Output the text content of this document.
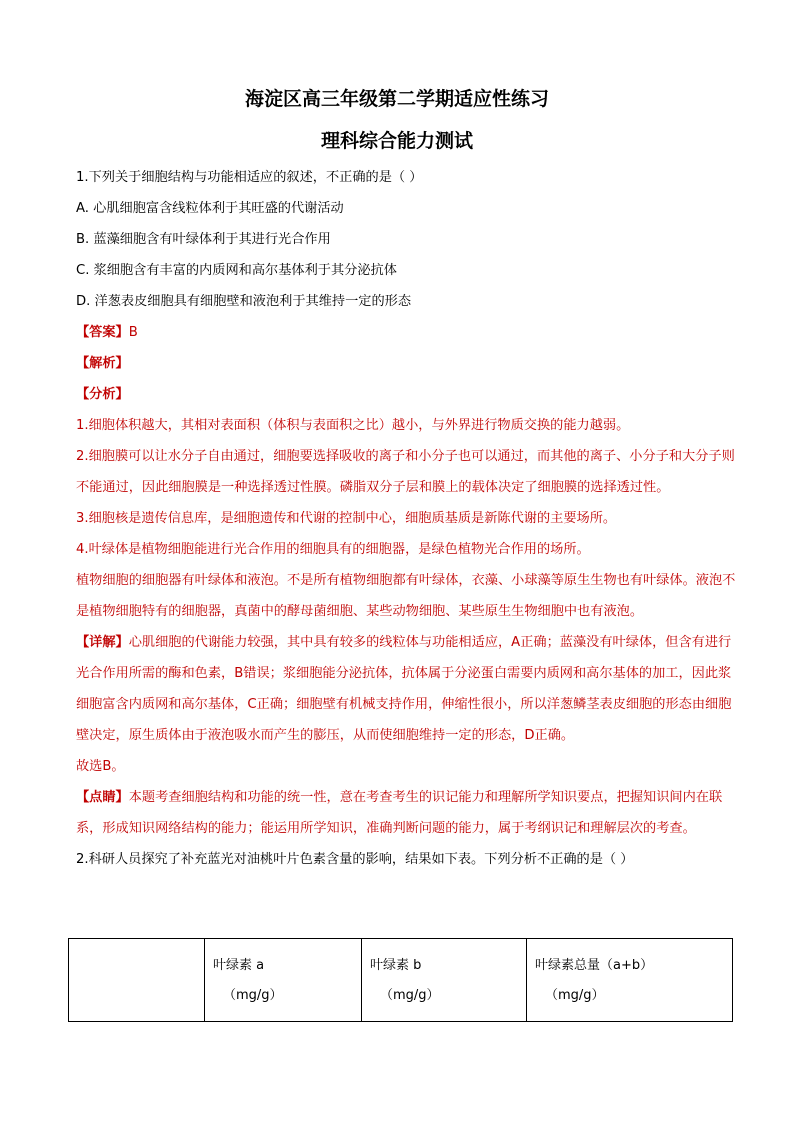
海淀区高三年级第二学期适应性练习
理科综合能力测试

1.下列关于细胞结构与功能相适应的叙述，不正确的是（ ）

A. 心肌细胞富含线粒体利于其旺盛的代谢活动

B. 蓝藻细胞含有叶绿体利于其进行光合作用

C. 浆细胞含有丰富的内质网和高尔基体利于其分泌抗体

D. 洋葱表皮细胞具有细胞壁和液泡利于其维持一定的形态

【答案】B

【解析】

【分析】

1.细胞体积越大，其相对表面积（体积与表面积之比）越小，与外界进行物质交换的能力越弱。

2.细胞膜可以让水分子自由通过，细胞要选择吸收的离子和小分子也可以通过，而其他的离子、小分子和大分子则不能通过，因此细胞膜是一种选择透过性膜。磷脂双分子层和膜上的载体决定了细胞膜的选择透过性。

3.细胞核是遗传信息库，是细胞遗传和代谢的控制中心，细胞质基质是新陈代谢的主要场所。

4.叶绿体是植物细胞能进行光合作用的细胞具有的细胞器，是绿色植物光合作用的场所。

植物细胞的细胞器有叶绿体和液泡。不是所有植物细胞都有叶绿体，衣藻、小球藻等原生生物也有叶绿体。液泡不是植物细胞特有的细胞器，真菌中的酵母菌细胞、某些动物细胞、某些原生生物细胞中也有液泡。

【详解】心肌细胞的代谢能力较强，其中具有较多的线粒体与功能相适应，A正确；蓝藻没有叶绿体，但含有进行光合作用所需的酶和色素，B错误；浆细胞能分泌抗体，抗体属于分泌蛋白需要内质网和高尔基体的加工，因此浆细胞富含内质网和高尔基体，C正确；细胞壁有机械支持作用，伸缩性很小，所以洋葱鳞茎表皮细胞的形态由细胞壁决定，原生质体由于液泡吸水而产生的膨压，从而使细胞维持一定的形态，D正确。

故选B。

【点睛】本题考查细胞结构和功能的统一性，意在考查考生的识记能力和理解所学知识要点，把握知识间内在联系，形成知识网络结构的能力；能运用所学知识，准确判断问题的能力，属于考纲识记和理解层次的考查。

2.科研人员探究了补充蓝光对油桃叶片色素含量的影响，结果如下表。下列分析不正确的是（ ）

	叶绿素 a
（mg/g）
	叶绿素 b
（mg/g）
	叶绿素总量（a+b）
（mg/g）
